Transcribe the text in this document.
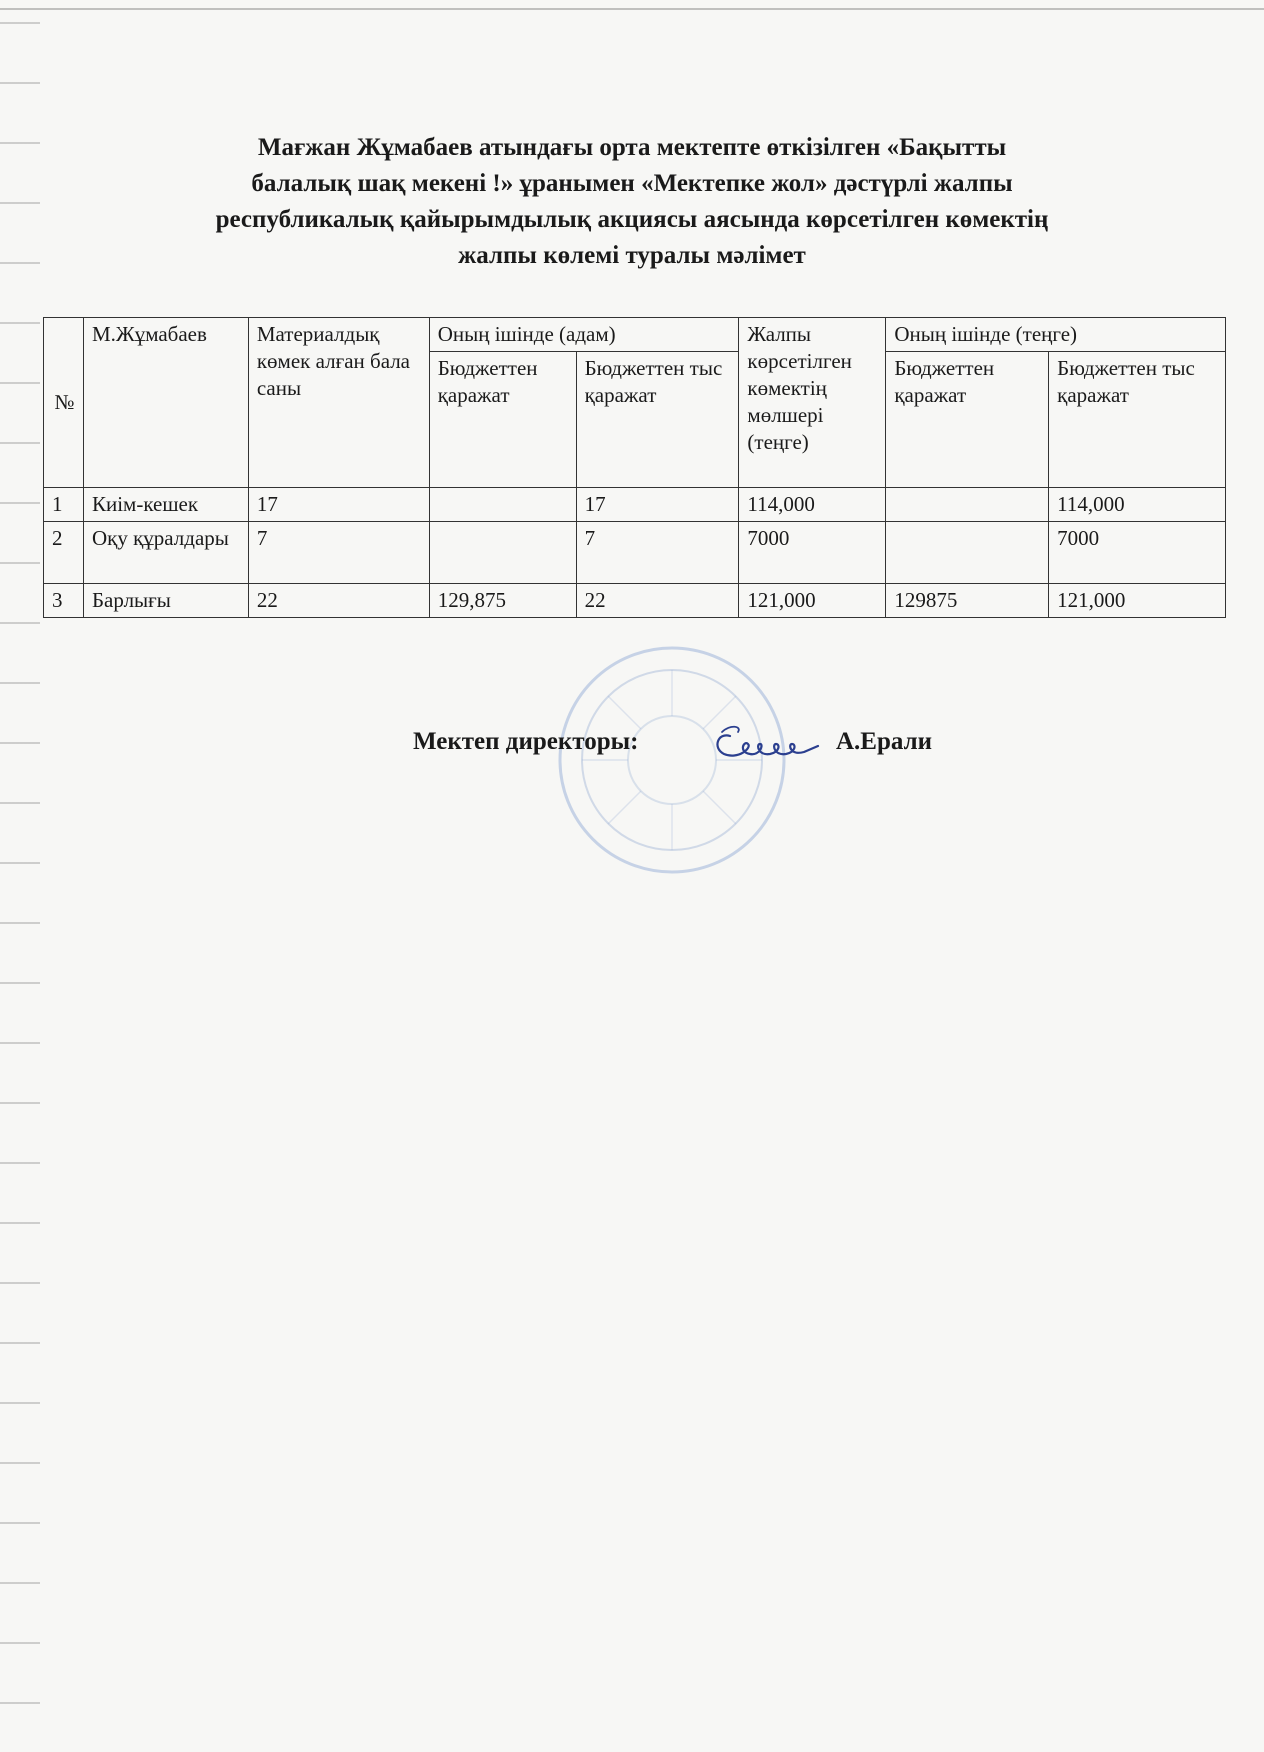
Мағжан Жұмабаев атындағы орта мектепте өткізілген «Бақытты
балалық шақ мекені !» ұранымен «Мектепке жол» дәстүрлі жалпы
республикалық қайырымдылық акциясы аясында көрсетілген көмектің
жалпы көлемі туралы мәлімет
№	М.Жұмабаев	Материалдық көмек алған бала саны	Оның ішінде (адам)		Жалпы көрсетілген көмектің мөлшері (теңге)	Оның ішінде (теңге)	
			Бюджеттен қаражат	Бюджеттен тыс қаражат		Бюджеттен қаражат	Бюджеттен тыс қаражат
1	Киім-кешек	17		17	114,000		114,000
2	Оқу құралдары	7		7	7000		7000
3	Барлығы	22	129,875	22	121,000	129875	121,000
Мектеп директоры:	А.Ерали
